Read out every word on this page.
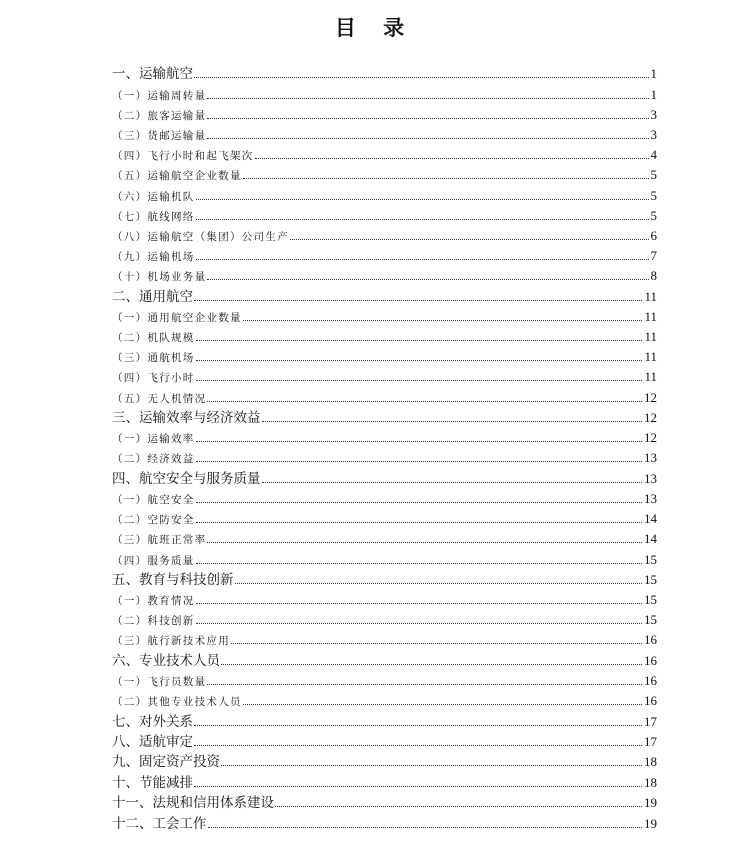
目 录
一、运输航空	1
（一）运输周转量	1
（二）旅客运输量	3
（三）货邮运输量	3
（四）飞行小时和起飞架次	4
（五）运输航空企业数量	5
（六）运输机队	5
（七）航线网络	5
（八）运输航空（集团）公司生产	6
（九）运输机场	7
（十）机场业务量	8
二、通用航空	11
（一）通用航空企业数量	11
（二）机队规模	11
（三）通航机场	11
（四）飞行小时	11
（五）无人机情况	12
三、运输效率与经济效益	12
（一）运输效率	12
（二）经济效益	13
四、航空安全与服务质量	13
（一）航空安全	13
（二）空防安全	14
（三）航班正常率	14
（四）服务质量	15
五、教育与科技创新	15
（一）教育情况	15
（二）科技创新	15
（三）航行新技术应用	16
六、专业技术人员	16
（一）飞行员数量	16
（二）其他专业技术人员	16
七、对外关系	17
八、适航审定	17
九、固定资产投资	18
十、节能减排	18
十一、法规和信用体系建设	19
十二、工会工作	19
